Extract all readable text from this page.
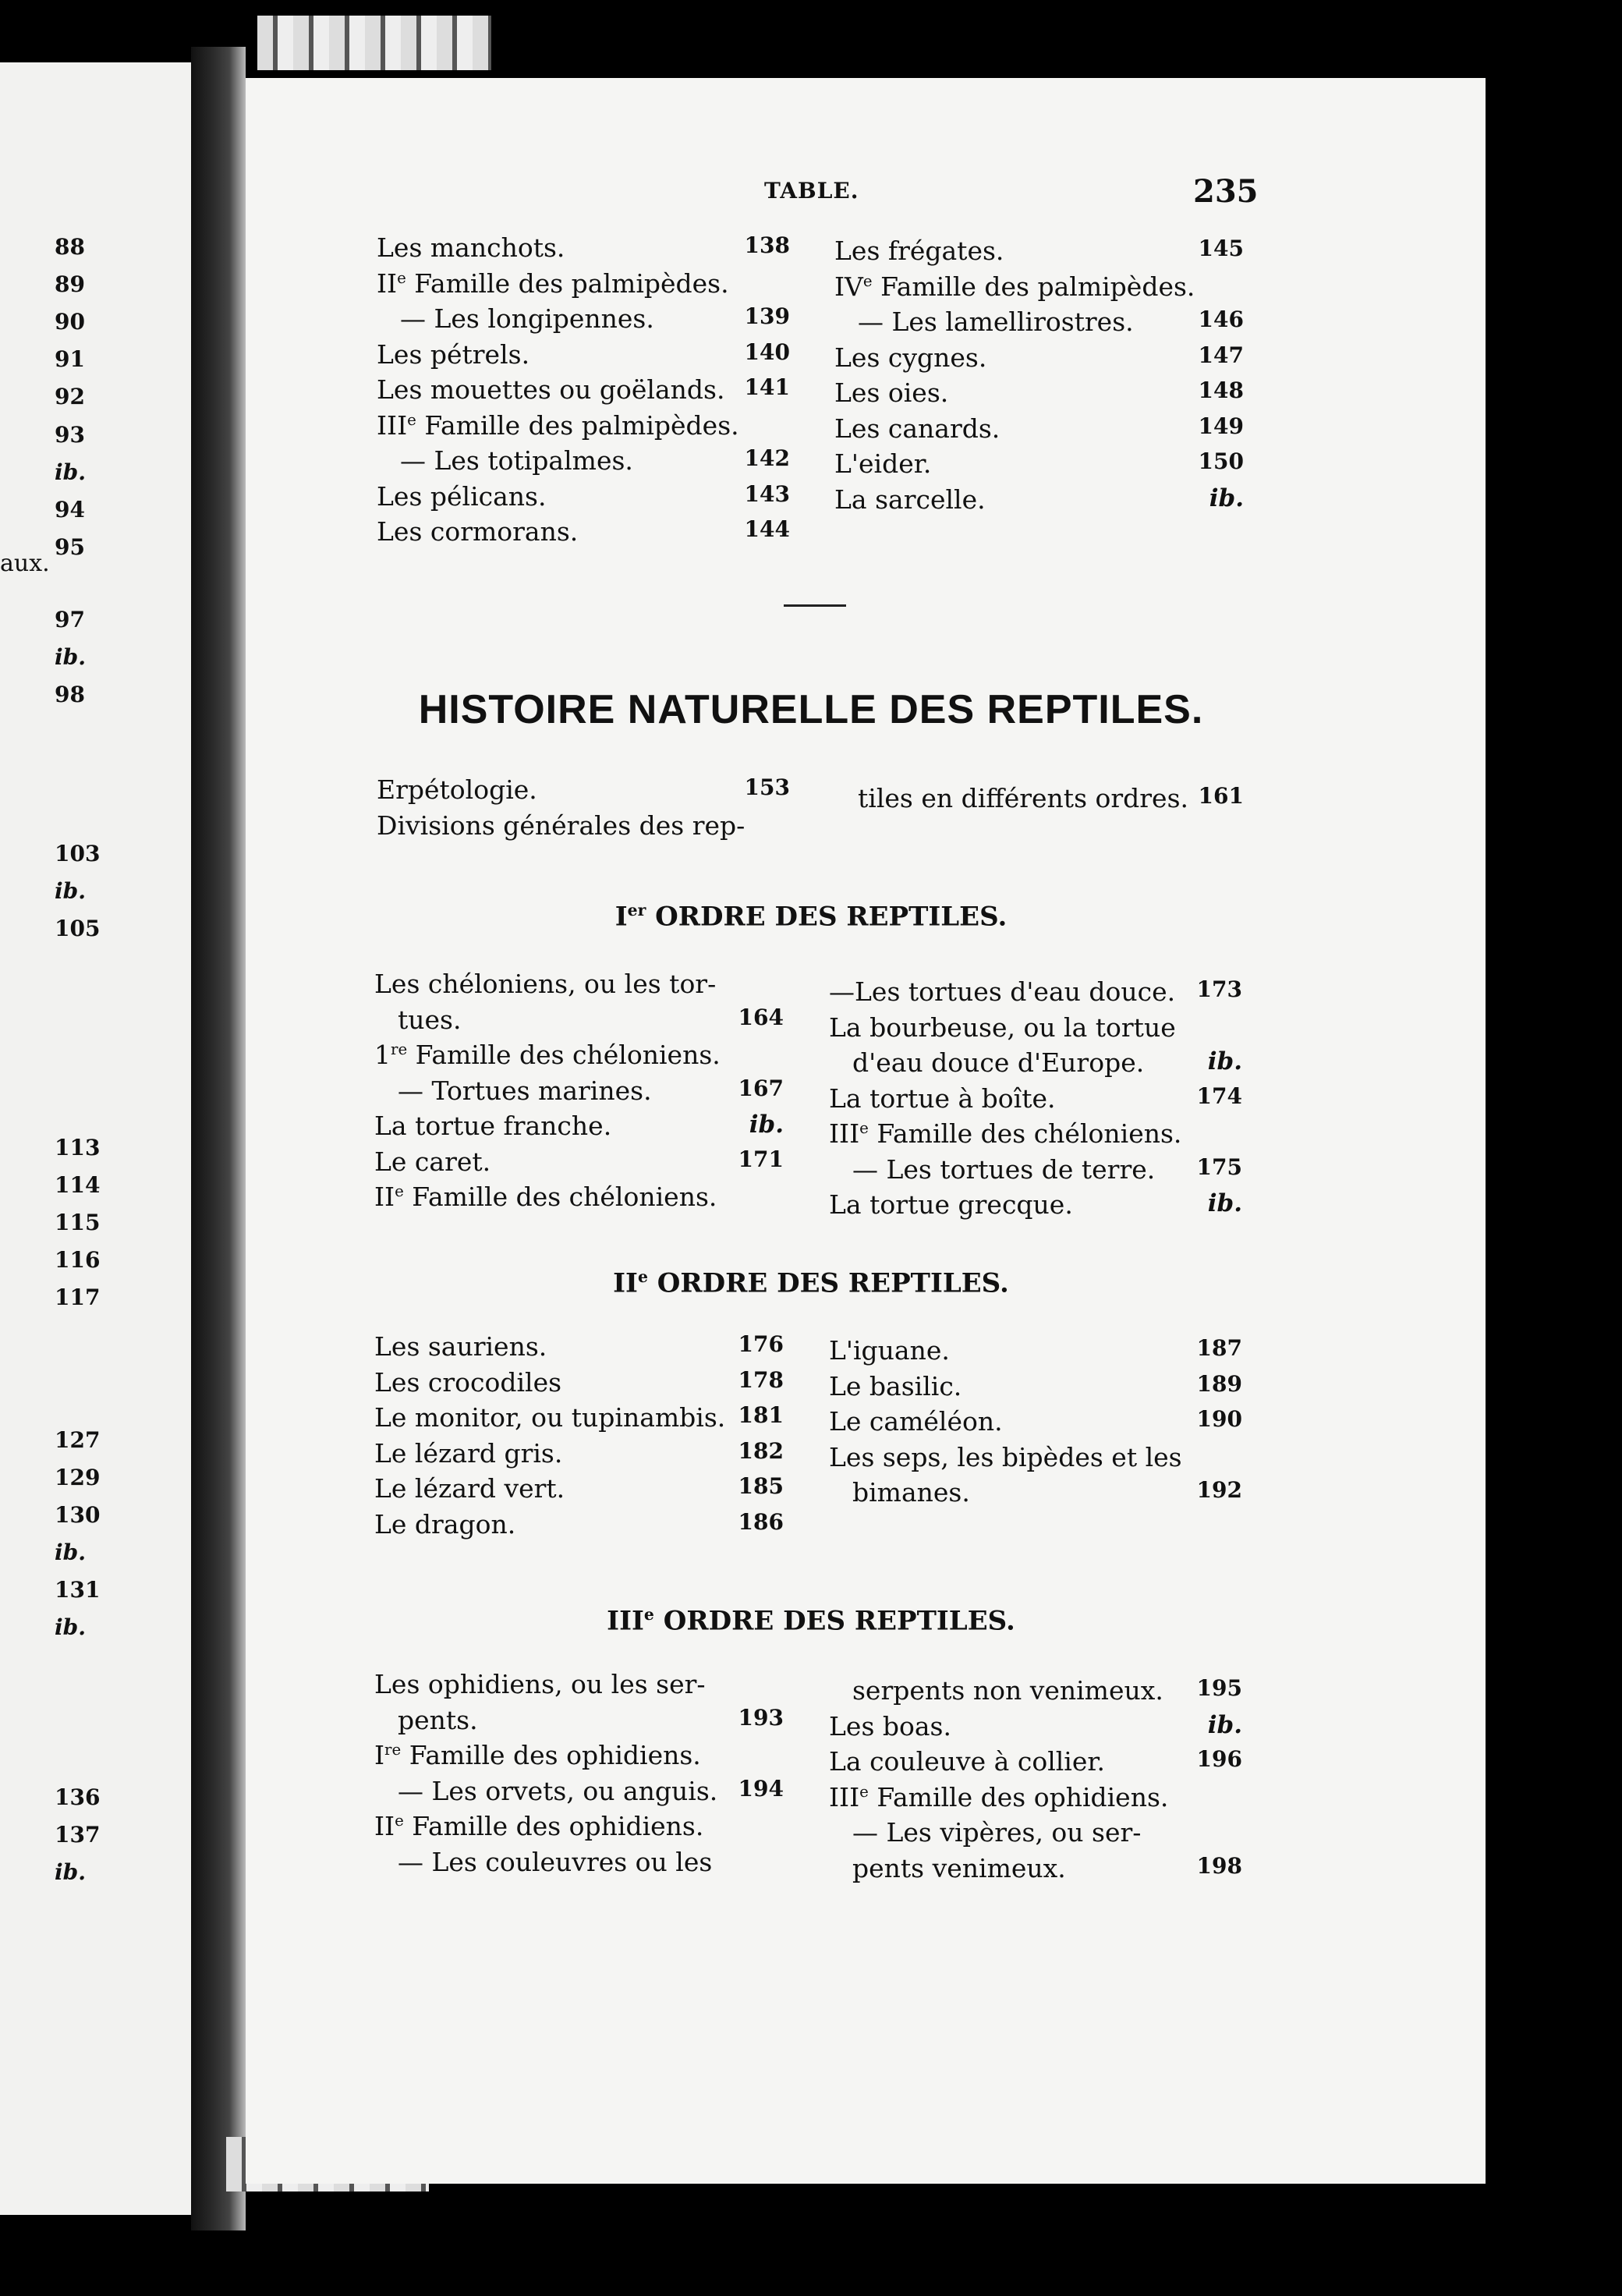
aux.
88
89
90
91
92
93
ib.
94
95
97
ib.
98
103
ib.
105
113
114
115
116
117
127
129
130
ib.
131
ib.
136
137
ib.
TABLE.	235
Les manchots.	138
IIe Famille des palmipèdes.
— Les longipennes.	139
Les pétrels.	140
Les mouettes ou goëlands. 141
IIIe Famille des palmipèdes.
— Les totipalmes.	142
Les pélicans.	143
Les cormorans.	144
Les frégates.	145
IVe Famille des palmipèdes.
— Les lamellirostres.	146
Les cygnes.	147
Les oies.	148
Les canards.	149
L'eider.	150
La sarcelle.	ib.
HISTOIRE NATURELLE DES REPTILES.
Erpétologie.	153
Divisions générales des rep-
tiles en différents ordres. 161
Ier ORDRE DES REPTILES.
Les chéloniens, ou les tor-
tues.	164
1re Famille des chéloniens.
— Tortues marines.	167
La tortue franche.	ib.
Le caret.	171
IIe Famille des chéloniens.
—Les tortues d'eau douce. 173
La bourbeuse, ou la tortue
d'eau douce d'Europe.	ib.
La tortue à boîte.	174
IIIe Famille des chéloniens.
— Les tortues de terre. 175
La tortue grecque.	ib.
IIe ORDRE DES REPTILES.
Les sauriens.	176
Les crocodiles	178
Le monitor, ou tupinambis. 181
Le lézard gris.	182
Le lézard vert.	185
Le dragon.	186
L'iguane.	187
Le basilic.	189
Le caméléon.	190
Les seps, les bipèdes et les
bimanes.	192
IIIe ORDRE DES REPTILES.
Les ophidiens, ou les ser-
pents.	193
Ire Famille des ophidiens.
— Les orvets, ou anguis. 194
IIe Famille des ophidiens.
— Les couleuvres ou les
serpents non venimeux. 195
Les boas.	ib.
La couleuve à collier.	196
IIIe Famille des ophidiens.
— Les vipères, ou ser-
pents venimeux.	198
